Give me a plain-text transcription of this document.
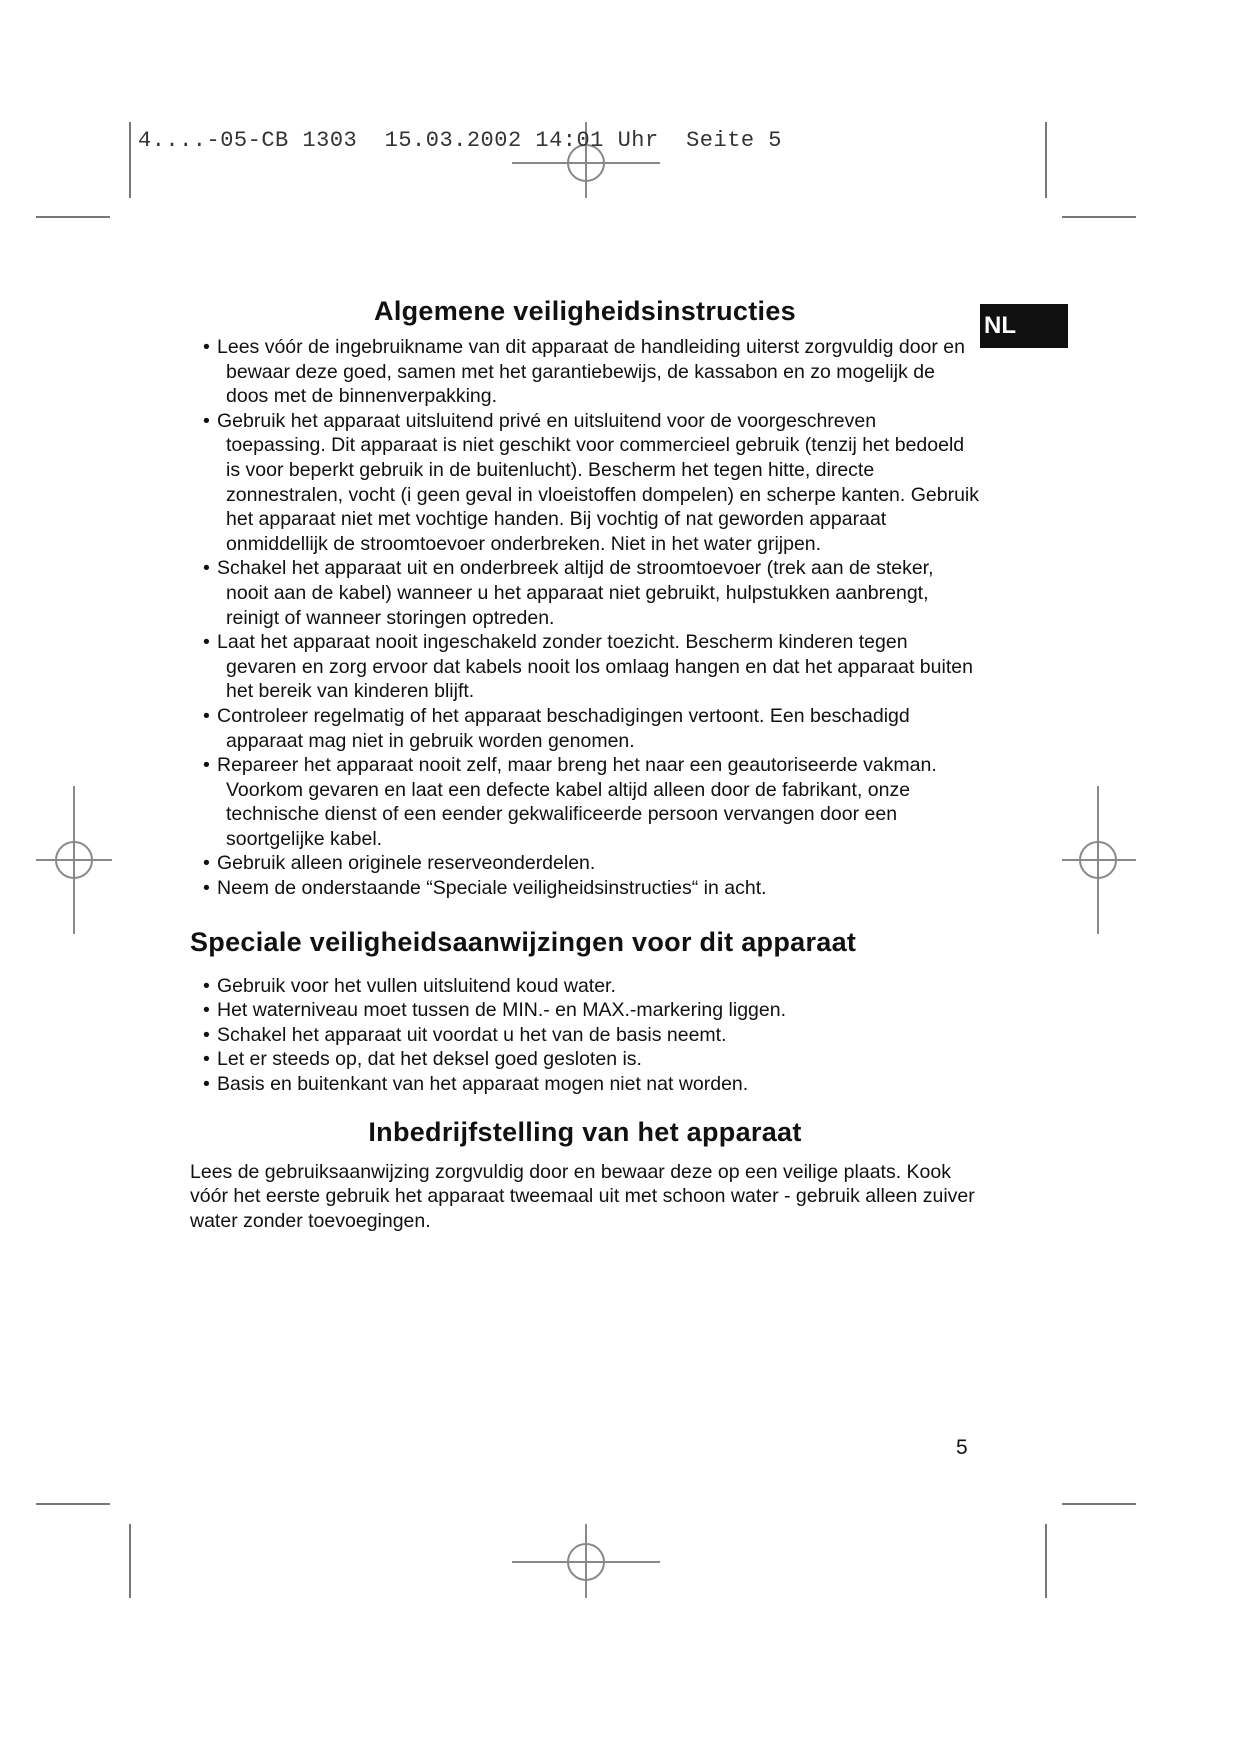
4....-05-CB 1303  15.03.2002 14:01 Uhr  Seite 5
NL
Algemene veiligheidsinstructies
• Lees vóór de ingebruikname van dit apparaat de handleiding uiterst zorgvuldig door en bewaar deze goed, samen met het garantiebewijs, de kassabon en zo mogelijk de doos met de binnenverpakking.
• Gebruik het apparaat uitsluitend privé en uitsluitend voor de voorgeschreven toepassing. Dit apparaat is niet geschikt voor commercieel gebruik (tenzij het bedoeld is voor beperkt gebruik in de buitenlucht). Bescherm het tegen hitte, directe zonnestralen, vocht (i geen geval in vloeistoffen dompelen) en scherpe kanten. Gebruik het apparaat niet met vochtige handen. Bij vochtig of nat geworden apparaat onmiddellijk de stroomtoevoer onderbreken. Niet in het water grijpen.
• Schakel het apparaat uit en onderbreek altijd de stroomtoevoer (trek aan de steker, nooit aan de kabel) wanneer u het apparaat niet gebruikt, hulpstukken aanbrengt, reinigt of wanneer storingen optreden.
• Laat het apparaat nooit ingeschakeld zonder toezicht. Bescherm kinderen tegen gevaren en zorg ervoor dat kabels nooit los omlaag hangen en dat het apparaat buiten het bereik van kinderen blijft.
• Controleer regelmatig of het apparaat beschadigingen vertoont. Een beschadigd apparaat mag niet in gebruik worden genomen.
• Repareer het apparaat nooit zelf, maar breng het naar een geautoriseerde vakman. Voorkom gevaren en laat een defecte kabel altijd alleen door de fabrikant, onze technische dienst of een eender gekwalificeerde persoon vervangen door een soortgelijke kabel.
• Gebruik alleen originele reserveonderdelen.
• Neem de onderstaande “Speciale veiligheidsinstructies“ in acht.
Speciale veiligheidsaanwijzingen voor dit apparaat
• Gebruik voor het vullen uitsluitend koud water.
• Het waterniveau moet tussen de MIN.- en MAX.-markering liggen.
• Schakel het apparaat uit voordat u het van de basis neemt.
• Let er steeds op, dat het deksel goed gesloten is.
• Basis en buitenkant van het apparaat mogen niet nat worden.
Inbedrijfstelling van het apparaat

Lees de gebruiksaanwijzing zorgvuldig door en bewaar deze op een veilige plaats. Kook vóór het eerste gebruik het apparaat tweemaal uit met schoon water - gebruik alleen zuiver water zonder toevoegingen.

5
